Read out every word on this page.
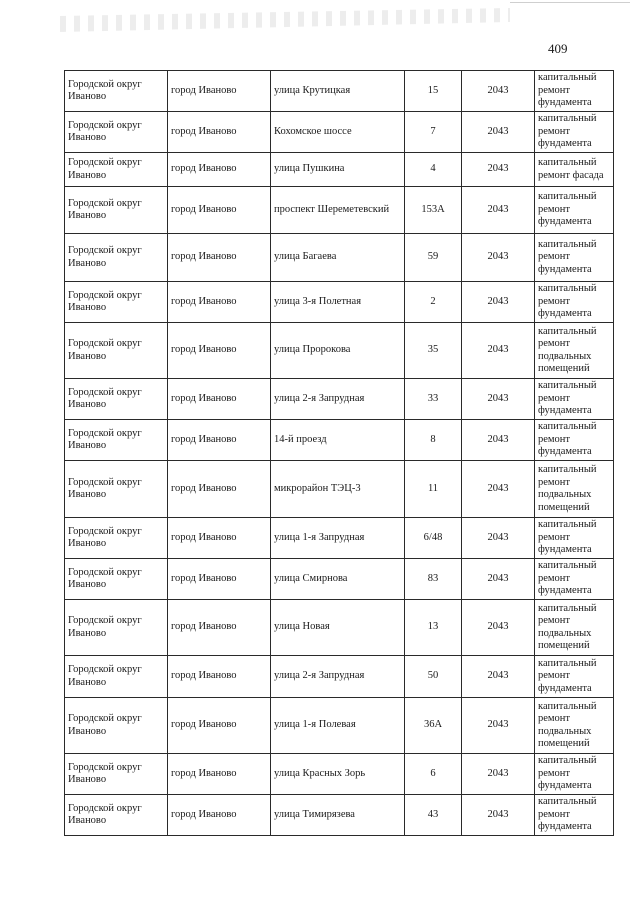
409
Городской округ Иваново	город Иваново	улица Крутицкая	15	2043	капитальный ремонт фундамента
Городской округ Иваново	город Иваново	Кохомское шоссе	7	2043	капитальный ремонт фундамента
Городской округ Иваново	город Иваново	улица Пушкина	4	2043	капитальный ремонт фасада
Городской округ Иваново	город Иваново	проспект Шереметевский	153А	2043	капитальный ремонт фундамента
Городской округ Иваново	город Иваново	улица Багаева	59	2043	капитальный ремонт фундамента
Городской округ Иваново	город Иваново	улица 3-я Полетная	2	2043	капитальный ремонт фундамента
Городской округ Иваново	город Иваново	улица Пророкова	35	2043	капитальный ремонт подвальных помещений
Городской округ Иваново	город Иваново	улица 2-я Запрудная	33	2043	капитальный ремонт фундамента
Городской округ Иваново	город Иваново	14-й проезд	8	2043	капитальный ремонт фундамента
Городской округ Иваново	город Иваново	микрорайон ТЭЦ-3	11	2043	капитальный ремонт подвальных помещений
Городской округ Иваново	город Иваново	улица 1-я Запрудная	6/48	2043	капитальный ремонт фундамента
Городской округ Иваново	город Иваново	улица Смирнова	83	2043	капитальный ремонт фундамента
Городской округ Иваново	город Иваново	улица Новая	13	2043	капитальный ремонт подвальных помещений
Городской округ Иваново	город Иваново	улица 2-я Запрудная	50	2043	капитальный ремонт фундамента
Городской округ Иваново	город Иваново	улица 1-я Полевая	36А	2043	капитальный ремонт подвальных помещений
Городской округ Иваново	город Иваново	улица Красных Зорь	6	2043	капитальный ремонт фундамента
Городской округ Иваново	город Иваново	улица Тимирязева	43	2043	капитальный ремонт фундамента
